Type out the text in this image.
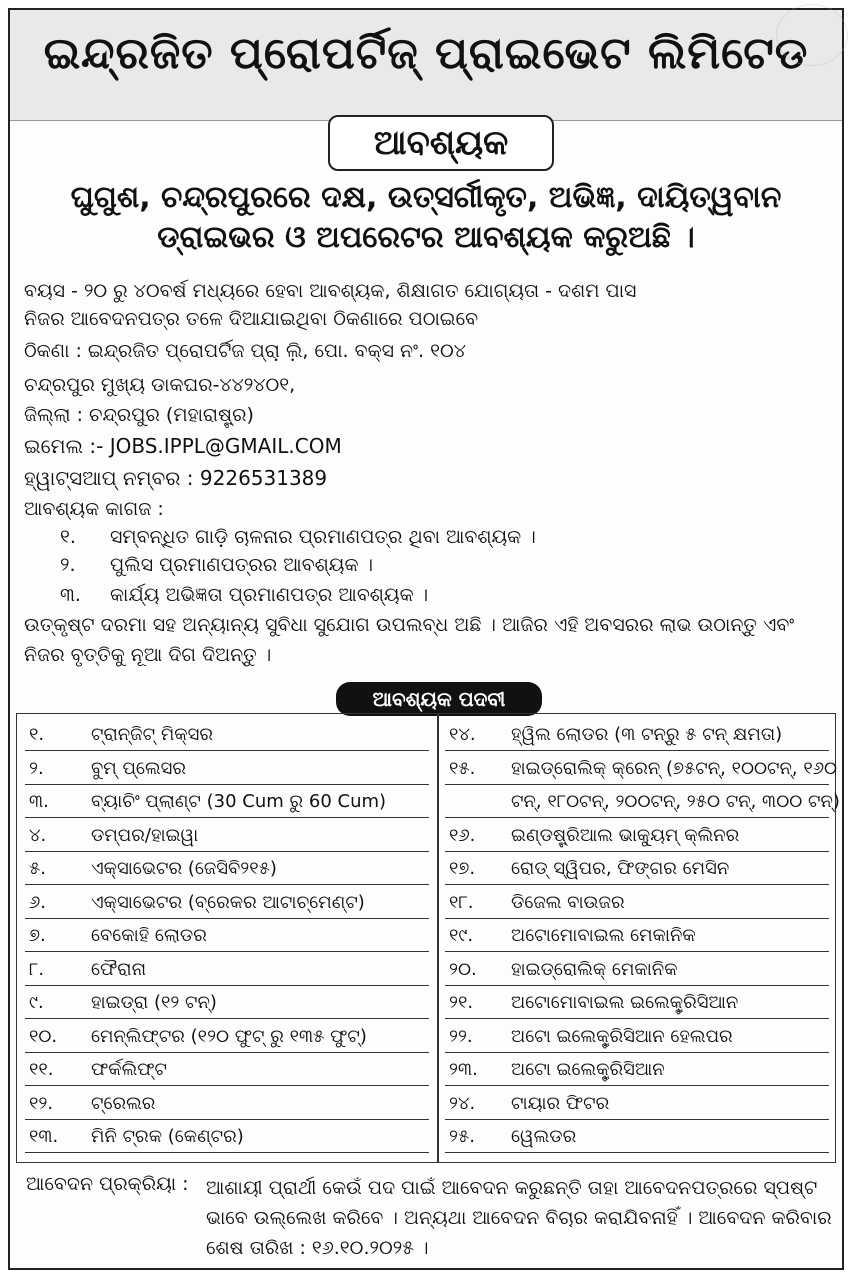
ଇନ୍ଦ୍ରଜିତ ପ୍ରୋପର୍ଟିଜ୍ ପ୍ରାଇଭେଟ ଲିମିଟେଡ
ଆବଶ୍ୟକ
ଘୁଗୁଶ, ଚନ୍ଦ୍ରପୁରରେ ଦକ୍ଷ, ଉତ୍ସର୍ଗୀକୃତ, ଅଭିଜ୍ଞ, ଦାୟିତ୍ୱବାନ
ଡ୍ରାଇଭର ଓ ଅପରେଟର ଆବଶ୍ୟକ କରୁଅଛି ।
ବୟସ - ୨୦ ରୁ ୪୦ବର୍ଷ ମଧ୍ୟରେ ହେବା ଆବଶ୍ୟକ, ଶିକ୍ଷାଗତ ଯୋଗ୍ୟତା - ଦଶମ ପାସ
ନିଜର ଆବେଦନପତ୍ର ତଳେ ଦିଆଯାଇଥିବା ଠିକଣାରେ ପଠାଇବେ
ଠିକଣା : ଇନ୍ଦ୍ରଜିତ ପ୍ରୋପର୍ଟିଜ ପ୍ରା଼ ଲି଼, ପୋ. ବକ୍ସ ନଂ. ୧୦୪
ଚନ୍ଦ୍ରପୁର ମୁଖ୍ୟ ଡାକଘର-୪୪୨୪୦୧,
ଜିଲ୍ଲା : ଚନ୍ଦ୍ରପୁର (ମହାରାଷ୍ଟ୍ର)
ଇମେଲ :- JOBS.IPPL@GMAIL.COM
ହ୍ୱାଟ୍ସଆପ୍ ନମ୍ବର : 9226531389
ଆବଶ୍ୟକ କାଗଜ :
୧. ସମ୍ବନ୍ଧିତ ଗାଡ଼ି ଚାଳନାର ପ୍ରମାଣପତ୍ର ଥିବା ଆବଶ୍ୟକ ।
୨. ପୁଲିସ ପ୍ରମାଣପତ୍ରର ଆବଶ୍ୟକ ।
୩. କାର୍ଯ୍ୟ ଅଭିଜ୍ଞତା ପ୍ରମାଣପତ୍ର ଆବଶ୍ୟକ ।
ଉତ୍କୃଷ୍ଟ ଦରମା ସହ ଅନ୍ୟାନ୍ୟ ସୁବିଧା ସୁଯୋଗ ଉପଲବ୍ଧ ଅଛି । ଆଜିର ଏହି ଅବସରର ଲାଭ ଉଠାନ୍ତୁ ଏବଂ
ନିଜର ବୃତ୍ତିକୁ ନୂଆ ଦିଗ ଦିଅନ୍ତୁ ।
ଆବଶ୍ୟକ ପଦବୀ
୧.	ଟ୍ରାନ୍‌ଜିଟ୍ ମିକ୍ସର
୨.	ବୁମ୍ ପ୍ଲେସର
୩. ବ୍ୟାଚିଂ ପ୍ଲାଣ୍ଟ (30 Cum ରୁ 60 Cum)
୪. ଡମ୍ପର/ହାଇୱା
୫.	ଏକ୍ସାଭେଟର (ଜେସିବି୨୧୫)
୬. ଏକ୍ସାଭେଟର (ବ୍ରେକର ଆଟାଚ୍‌ମେଣ୍ଟ)
୭.	ବେକୋହି ଲୋଡର
୮.	ଫୈରାନା
୯.	ହାଇଡ୍ରା (୧୨ ଟନ୍)
୧୦. ମେନ୍‌ଲିଫ୍ଟର (୧୨୦ ଫୁଟ୍ ରୁ ୧୩୫ ଫୁଟ୍)
୧୧. ଫର୍କଲିଫ୍ଟ
୧୨. ଟ୍ରେଲର
୧୩. ମିନି ଟ୍ରକ (କେଣ୍ଟର)
୧୪. ହ୍ୱିଲ ଲୋଡର (୩ ଟନ୍‌ରୁ ୫ ଟନ୍ କ୍ଷମତା)
୧୫. ହାଇଡ୍ରୋଲିକ୍ କ୍ରେନ୍ (୭୫ଟନ୍, ୧୦୦ଟନ୍, ୧୬୦
ଟନ୍, ୧୮୦ଟନ୍, ୨୦୦ଟନ୍, ୨୫୦ ଟନ୍, ୩୦୦ ଟନ୍)
୧୬. ଇଣ୍ଡଷ୍ଟ୍ରିଆଲ ଭାକ୍ୟୁମ୍ କ୍ଲିନର
୧୭. ରୋଡ୍ ସ୍ୱିପର, ଫିଙ୍ଗର ମେସିନ
୧୮. ଡିଜେଲ ବାଉଜର
୧୯. ଅଟୋମୋବାଇଲ ମେକାନିକ
୨୦. ହାଇଡ୍ରୋଲିକ୍ ମେକାନିକ
୨୧. ଅଟୋମୋବାଇଲ ଇଲେକ୍ଟ୍ରିସିଆନ
୨୨. ଅଟୋ ଇଲେକ୍ଟ୍ରିସିଆନ ହେଲପର
୨୩. ଅଟୋ ଇଲେକ୍ଟ୍ରିସିଆନ
୨୪. ଟାୟାର ଫିଟର
୨୫. ୱେଲଡର
ଆବେଦନ ପ୍ରକ୍ରିୟା : ଆଶାୟୀ ପ୍ରାର୍ଥୀ କେଉଁ ପଦ ପାଇଁ ଆବେଦନ କରୁଛନ୍ତି ତାହା ଆବେଦନପତ୍ରରେ ସ୍ପଷ୍ଟ ଭାବେ ଉଲ୍ଲେଖ କରିବେ । ଅନ୍ୟଥା ଆବେଦନ ବିଚାର କରାଯିବନାହିଁ । ଆବେଦନ କରିବାର ଶେଷ ତାରିଖ : ୧୬.୧୦.୨୦୨୫ ।
